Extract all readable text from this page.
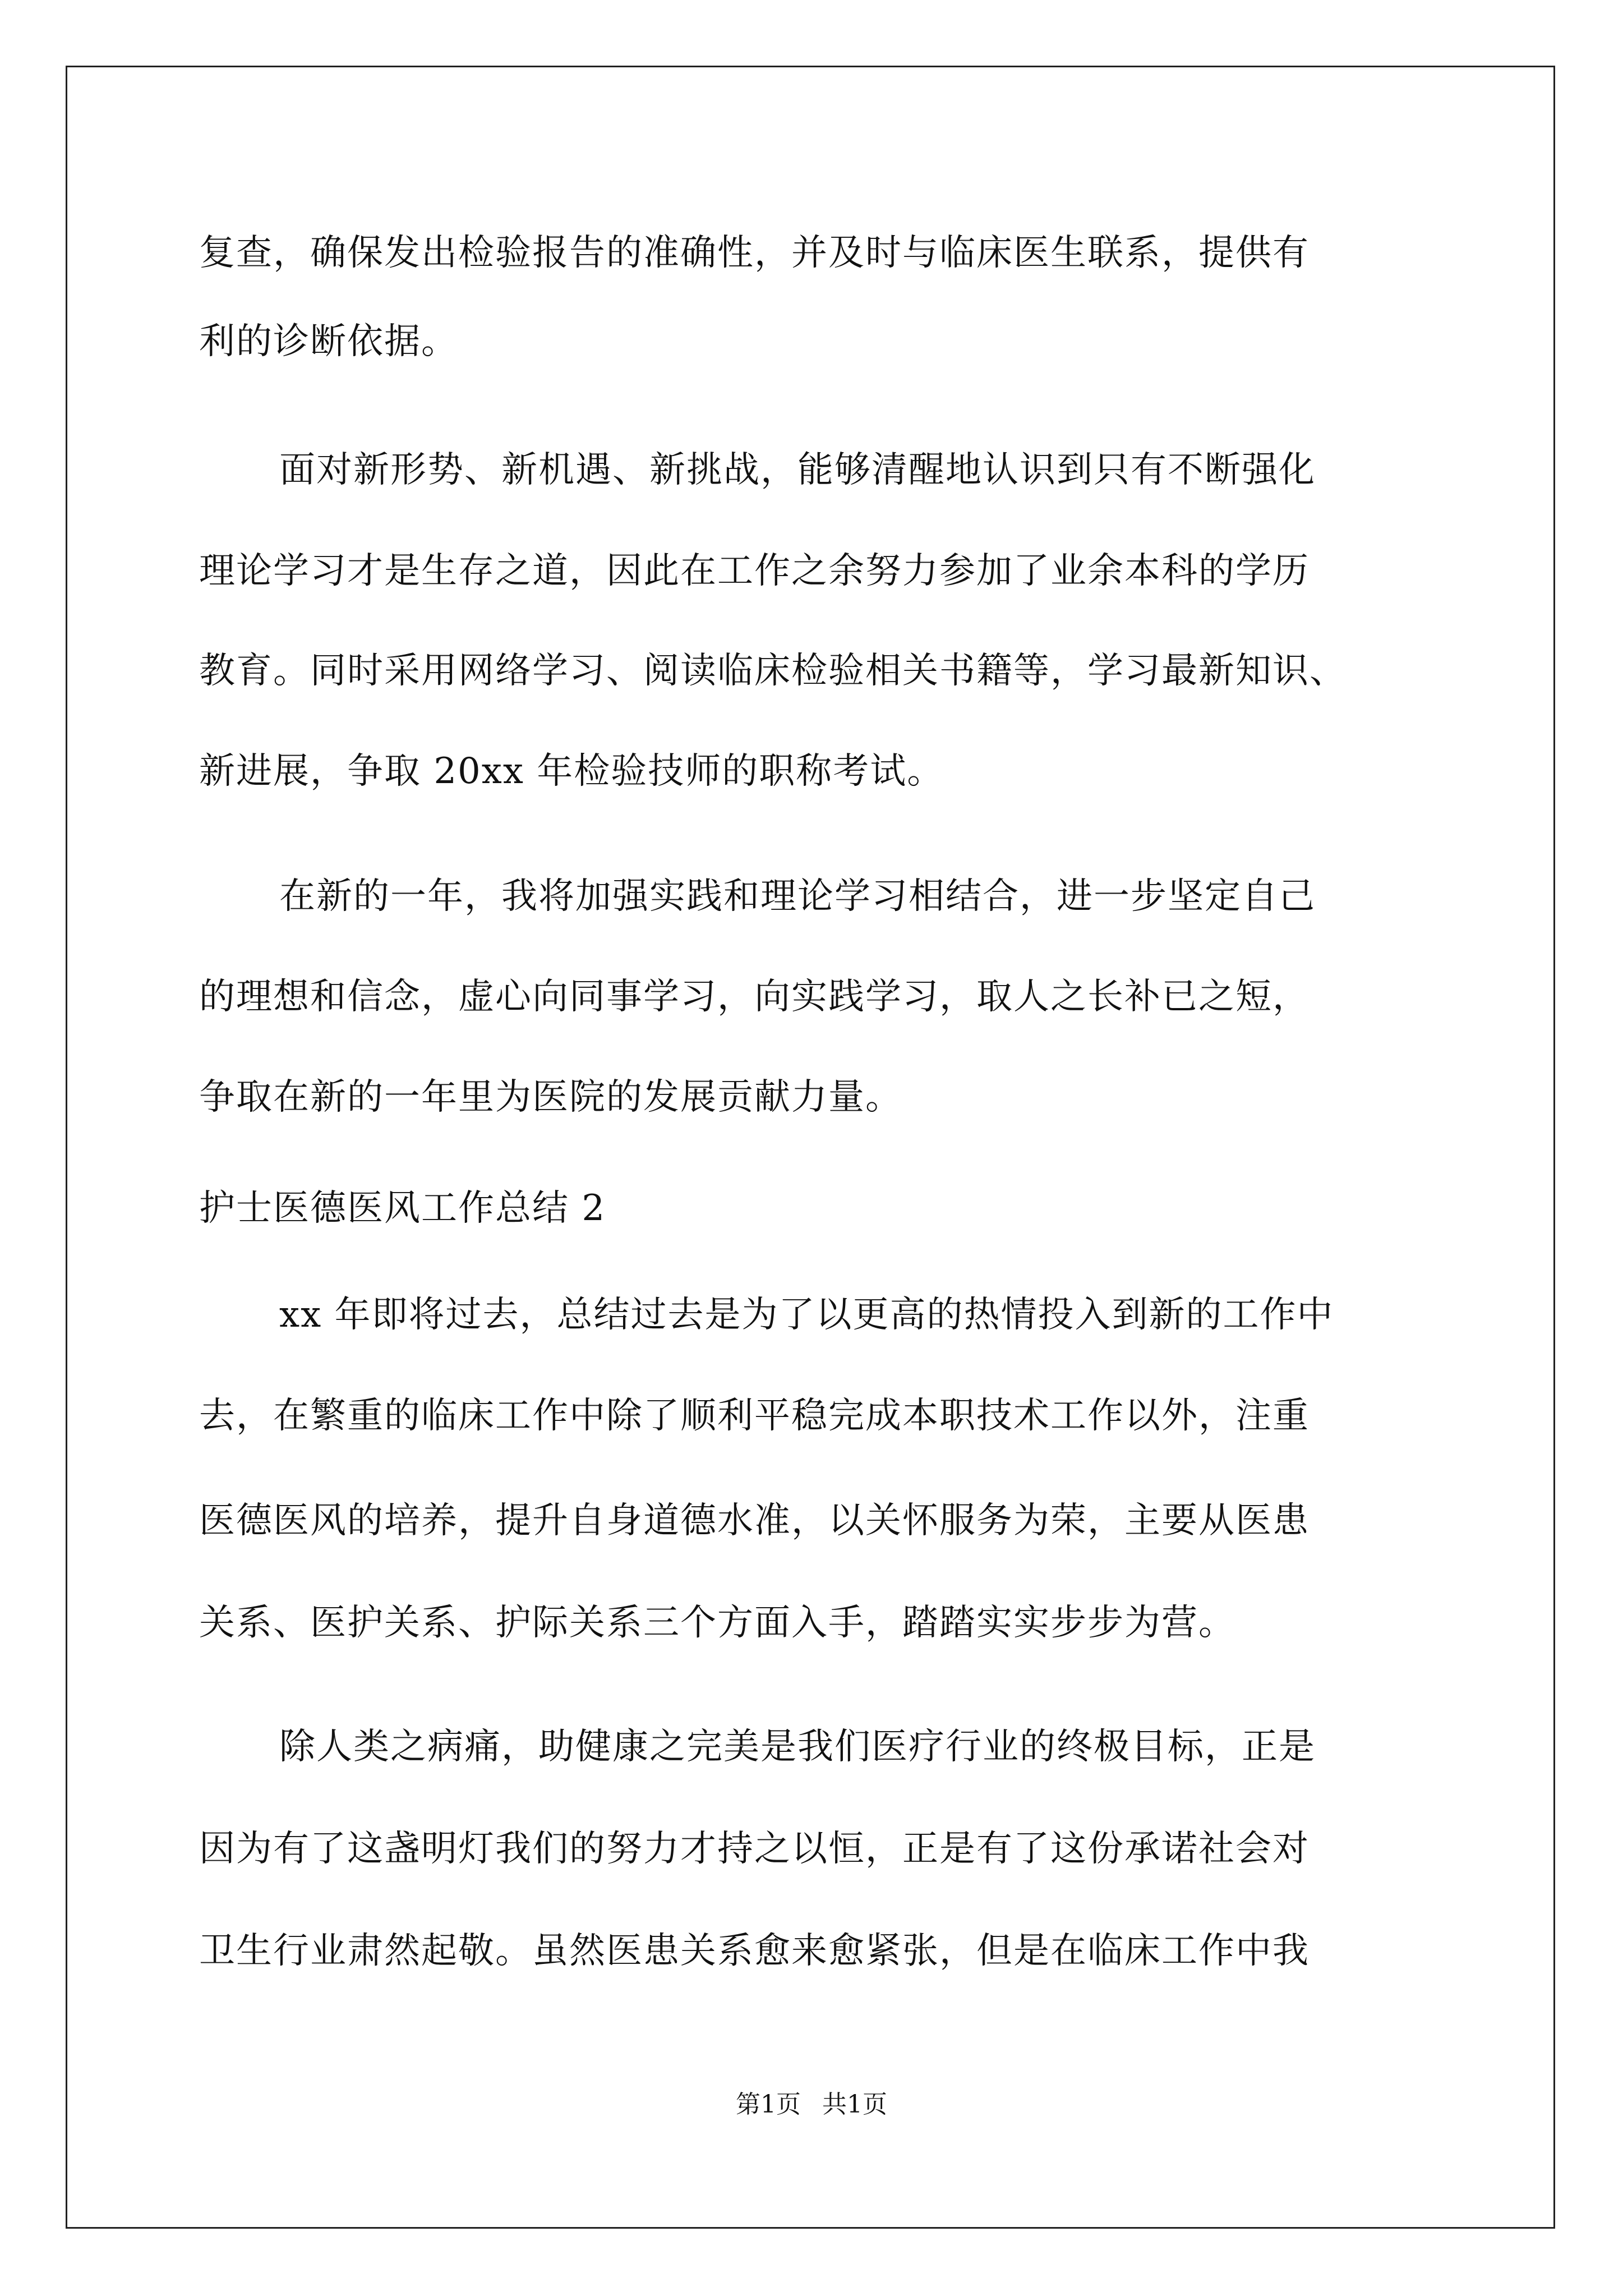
复查，确保发出检验报告的准确性，并及时与临床医生联系，提供有
利的诊断依据。
面对新形势、新机遇、新挑战，能够清醒地认识到只有不断强化
理论学习才是生存之道，因此在工作之余努力参加了业余本科的学历
教育。同时采用网络学习、阅读临床检验相关书籍等，学习最新知识、
新进展，争取 20xx 年检验技师的职称考试。
在新的一年，我将加强实践和理论学习相结合，进一步坚定自己
的理想和信念，虚心向同事学习，向实践学习，取人之长补已之短，
争取在新的一年里为医院的发展贡献力量。
护士医德医风工作总结 2
xx 年即将过去，总结过去是为了以更高的热情投入到新的工作中
去，在繁重的临床工作中除了顺利平稳完成本职技术工作以外，注重
医德医风的培养，提升自身道德水准，以关怀服务为荣，主要从医患
关系、医护关系、护际关系三个方面入手，踏踏实实步步为营。
除人类之病痛，助健康之完美是我们医疗行业的终极目标，正是
因为有了这盏明灯我们的努力才持之以恒，正是有了这份承诺社会对
卫生行业肃然起敬。虽然医患关系愈来愈紧张，但是在临床工作中我
第1页 共1页
